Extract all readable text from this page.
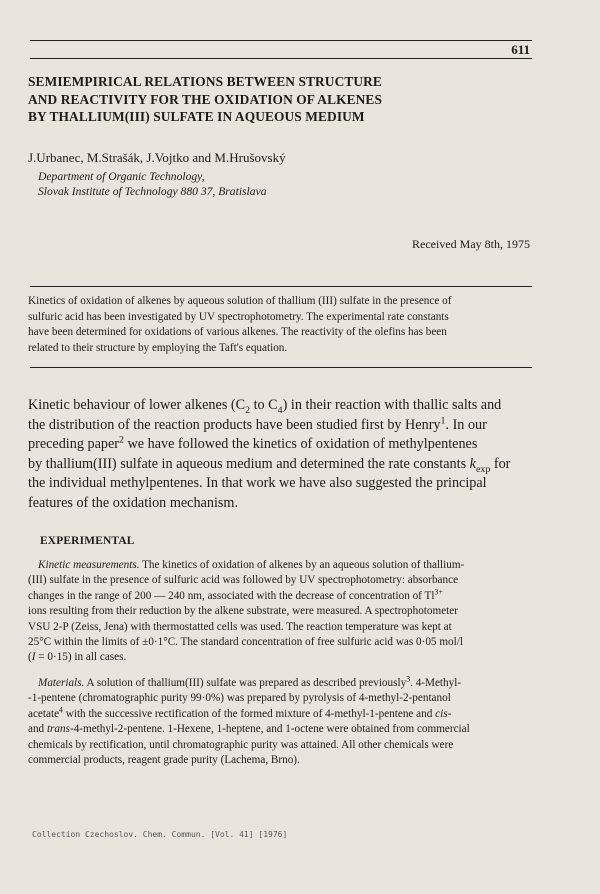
611
SEMIEMPIRICAL RELATIONS BETWEEN STRUCTURE
AND REACTIVITY FOR THE OXIDATION OF ALKENES
BY THALLIUM(III) SULFATE IN AQUEOUS MEDIUM
J.Urbanec, M.Strašák, J.Vojtko and M.Hrušovský
Department of Organic Technology,
Slovak Institute of Technology 880 37, Bratislava
Received May 8th, 1975
Kinetics of oxidation of alkenes by aqueous solution of thallium (III) sulfate in the presence of
sulfuric acid has been investigated by UV spectrophotometry. The experimental rate constants
have been determined for oxidations of various alkenes. The reactivity of the olefins has been
related to their structure by employing the Taft's equation.
Kinetic behaviour of lower alkenes ($C_2$ to $C_4$) in their reaction with thallic salts and
the distribution of the reaction products have been studied first by Henry$^1$. In our
preceding paper$^2$ we have followed the kinetics of oxidation of methylpentenes
by thallium(III) sulfate in aqueous medium and determined the rate constants $k_{exp}$ for
the individual methylpentenes. In that work we have also suggested the principal
features of the oxidation mechanism.
EXPERIMENTAL
Kinetic measurements. The kinetics of oxidation of alkenes by an aqueous solution of thallium-
(III) sulfate in the presence of sulfuric acid was followed by UV spectrophotometry: absorbance
changes in the range of 200 — 240 nm, associated with the decrease of concentration of $Tl^{3+}$
ions resulting from their reduction by the alkene substrate, were measured. A spectrophotometer
VSU 2-P (Zeiss, Jena) with thermostatted cells was used. The reaction temperature was kept at
25°C within the limits of ±0·1°C. The standard concentration of free sulfuric acid was 0·05 mol/l
(I = 0·15) in all cases.
Materials. A solution of thallium(III) sulfate was prepared as described previously$^3$. 4-Methyl-
-1-pentene (chromatographic purity 99·0%) was prepared by pyrolysis of 4-methyl-2-pentanol
acetate$^4$ with the successive rectification of the formed mixture of 4-methyl-1-pentene and cis-
and trans-4-methyl-2-pentene. 1-Hexene, 1-heptene, and 1-octene were obtained from commercial
chemicals by rectification, until chromatographic purity was attained. All other chemicals were
commercial products, reagent grade purity (Lachema, Brno).
Collection Czechoslov. Chem. Commun. [Vol. 41] [1976]
